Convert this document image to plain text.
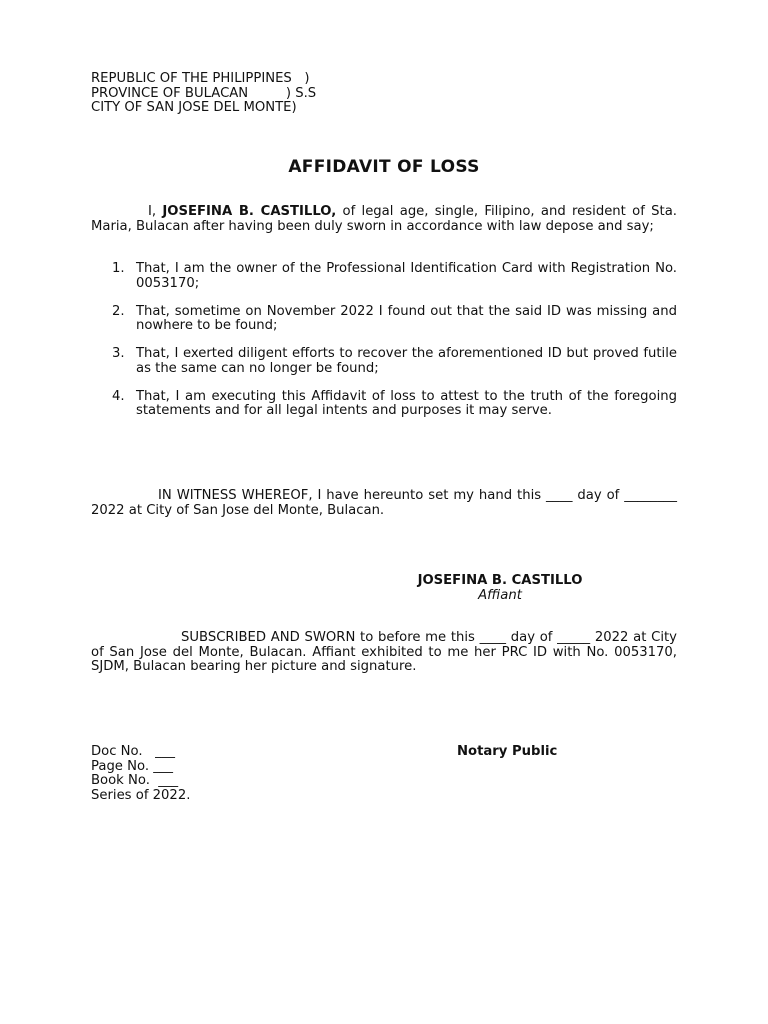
REPUBLIC OF THE PHILIPPINES   )
PROVINCE OF BULACAN         ) S.S
CITY OF SAN JOSE DEL MONTE)
AFFIDAVIT OF LOSS
I, JOSEFINA B. CASTILLO, of legal age, single, Filipino, and resident of Sta. Maria, Bulacan after having been duly sworn in accordance with law depose and say;
1. That, I am the owner of the Professional Identification Card with Registration No. 0053170;
2. That, sometime on November 2022 I found out that the said ID was missing and nowhere to be found;
3. That, I exerted diligent efforts to recover the aforementioned ID but proved futile as the same can no longer be found;
4. That, I am executing this Affidavit of loss to attest to the truth of the foregoing statements and for all legal intents and purposes it may serve.
IN WITNESS WHEREOF, I have hereunto set my hand this ____ day of ________ 2022 at City of San Jose del Monte, Bulacan.
JOSEFINA B. CASTILLO
Affiant
SUBSCRIBED AND SWORN to before me this ____ day of _____ 2022 at City of San Jose del Monte, Bulacan. Affiant exhibited to me her PRC ID with No. 0053170, SJDM, Bulacan bearing her picture and signature.
Doc No.   ___
Page No. ___
Book No.  ___
Series of 2022.
Notary Public
